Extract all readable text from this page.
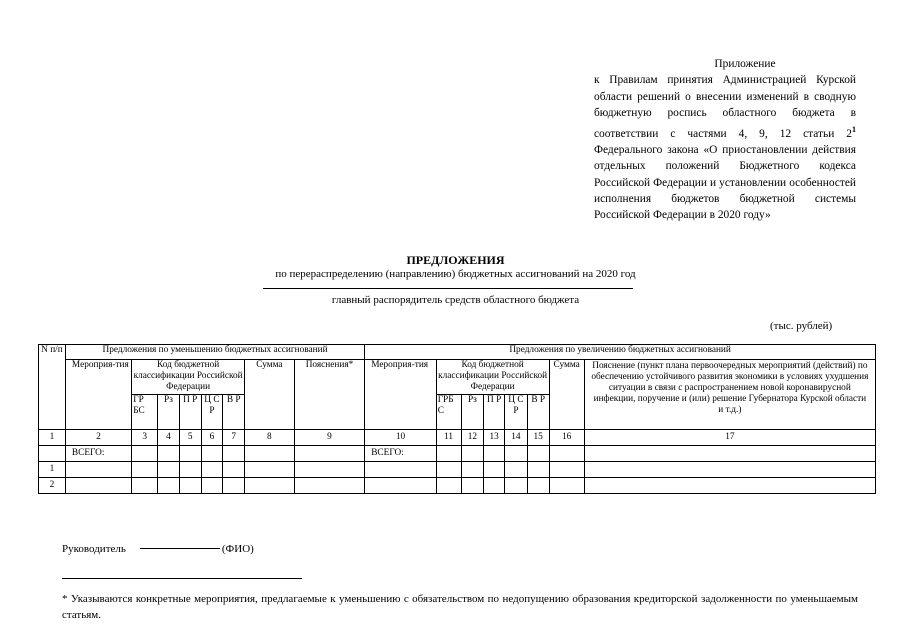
Приложение
к Правилам принятия Администрацией Курской области решений о внесении изменений в сводную бюджетную роспись областного бюджета в соответствии с частями 4, 9, 12 статьи $2^1$ Федерального закона «О приостановлении действия отдельных положений Бюджетного кодекса Российской Федерации и установлении особенностей исполнения бюджетов бюджетной системы Российской Федерации в 2020 году»
ПРЕДЛОЖЕНИЯ
по перераспределению (направлению) бюджетных ассигнований на 2020 год
главный распорядитель средств областного бюджета
(тыс. рублей)
N п/п	Предложения по уменьшению бюджетных ассигнований								Предложения по увеличению бюджетных ассигнований							
	Мероприя-тия	Код бюджетной классификации Российской Федерации					Сумма	Пояснения*	Мероприя-тия	Код бюджетной классификации Российской Федерации					Сумма	Пояснение (пункт плана первоочередных мероприятий (действий) по обеспечению устойчивого развития экономики в условиях ухудшения ситуации в связи с распространением новой коронавирусной инфекции, поручение и (или) решение Губернатора Курской области и т.д.)
		ГР БС	Рз	П Р	Ц С Р	В Р				ГРБ С	Рз	П Р	Ц С Р	В Р		
1	2	3	4	5	6	7	8	9	10	11	12	13	14	15	16	17
	ВСЕГО:								ВСЕГО:							
1																
2																
Руководитель	(ФИО)
* Указываются конкретные мероприятия, предлагаемые к уменьшению с обязательством по недопущению образования кредиторской задолженности по уменьшаемым статьям.
